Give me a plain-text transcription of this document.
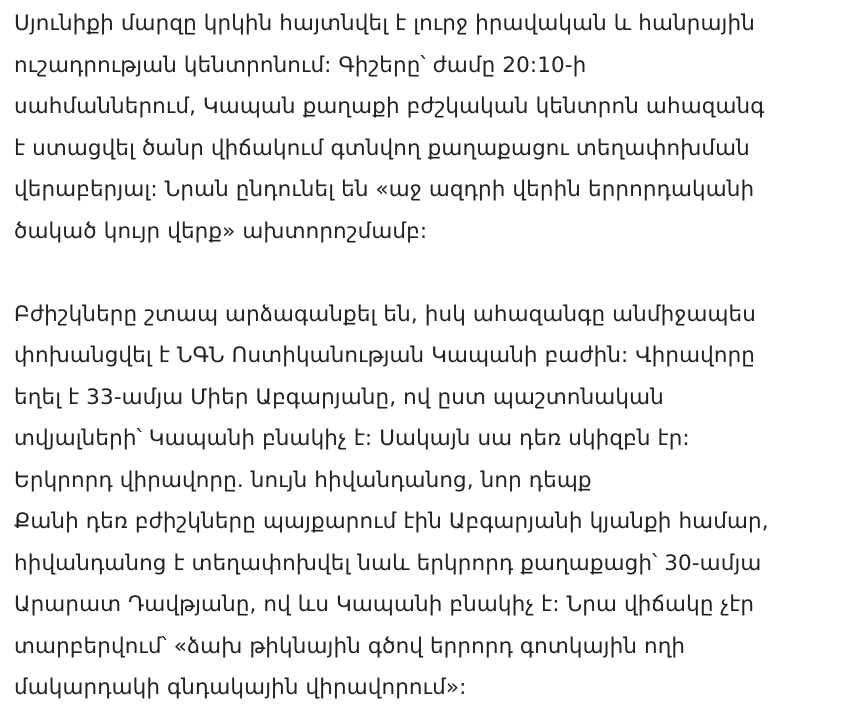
Սյունիքի մարզը կրկին հայտնվել է լուրջ իրավական և հանրային
ուշադրության կենտրոնում: Գիշերը՝ ժամը 20:10-ի
սահմաններում, Կապան քաղաքի բժշկական կենտրոն ահազանգ
է ստացվել ծանր վիճակում գտնվող քաղաքացու տեղափոխման
վերաբերյալ: Նրան ընդունել են «աջ ազդրի վերին երրորդականի
ծակած կույր վերք» ախտորոշմամբ:

Բժիշկները շտապ արձագանքել են, իսկ ահազանգը անմիջապես
փոխանցվել է ՆԳՆ Ոստիկանության Կապանի բաժին: Վիրավորը
եղել է 33-ամյա Միեր Աբգարյանը, ով ըստ պաշտոնական
տվյալների՝ Կապանի բնակիչ է: Սակայն սա դեռ սկիզբն էր:
Երկրորդ վիրավորը. նույն հիվանդանոց, նոր դեպք
Քանի դեռ բժիշկները պայքարում էին Աբգարյանի կյանքի համար,
հիվանդանոց է տեղափոխվել նաև երկրորդ քաղաքացի՝ 30-ամյա
Արարատ Դավթյանը, ով ևս Կապանի բնակիչ է: Նրա վիճակը չէր
տարբերվում՝ «ձախ թիկնային գծով երրորդ գոտկային ողի
մակարդակի գնդակային վիրավորում»:
